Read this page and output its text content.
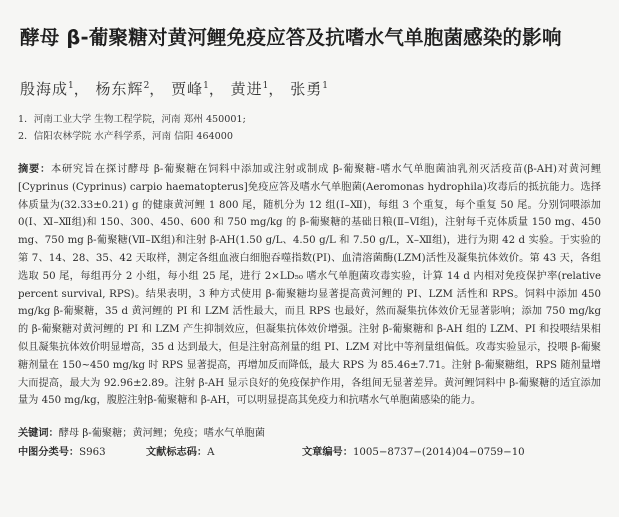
酵母 β-葡聚糖对黄河鲤免疫应答及抗嗜水气单胞菌感染的影响
殷海成$^1$， 杨东辉$^2$， 贾峰$^1$， 黄进$^1$， 张勇$^1$
1．河南工业大学 生物工程学院，河南 郑州 450001;
2．信阳农林学院 水产科学系，河南 信阳 464000

摘要：本研究旨在探讨酵母 β-葡聚糖在饲料中添加或注射或制成 β-葡聚糖-嗜水气单胞菌油乳剂灭活疫苗(β-AH)对黄河鲤[Cyprinus (Cyprinus) carpio haematopterus]免疫应答及嗜水气单胞菌(Aeromonas hydrophila)攻毒后的抵抗能力。选择体质量为(32.33±0.21) g 的健康黄河鲤 1 800 尾，随机分为 12 组(Ⅰ–Ⅻ)，每组 3 个重复，每个重复 50 尾。分别饲喂添加 0(Ⅰ、Ⅺ–Ⅻ组)和 150、300、450、600 和 750 mg/kg 的 β-葡聚糖的基础日粮(Ⅱ–Ⅵ组)，注射每千克体质量 150 mg、450 mg、750 mg β-葡聚糖(Ⅶ–Ⅸ组)和注射 β-AH(1.50 g/L、4.50 g/L 和 7.50 g/L，Ⅹ–Ⅻ组)，进行为期 42 d 实验。于实验的第 7、14、28、35、42 天取样，测定各组血液白细胞吞噬指数(PI)、血清溶菌酶(LZM)活性及凝集抗体效价。第 43 天，各组选取 50 尾，每组再分 2 小组，每小组 25 尾，进行 2×LD₅₀ 嗜水气单胞菌攻毒实验，计算 14 d 内相对免疫保护率(relative percent survival, RPS)。结果表明，3 种方式使用 β-葡聚糖均显著提高黄河鲤的 PI、LZM 活性和 RPS。饲料中添加 450 mg/kg β-葡聚糖，35 d 黄河鲤的 PI 和 LZM 活性最大，而且 RPS 也最好，然而凝集抗体效价无显著影响；添加 750 mg/kg 的 β-葡聚糖对黄河鲤的 PI 和 LZM 产生抑制效应，但凝集抗体效价增强。注射 β-葡聚糖和 β-AH 组的 LZM、PI 和投喂结果相似且凝集抗体效价明显增高，35 d 达到最大，但是注射高剂量的组 PI、LZM 对比中等剂量组偏低。攻毒实验显示，投喂 β-葡聚糖剂量在 150~450 mg/kg 时 RPS 显著提高，再增加反而降低，最大 RPS 为 85.46±7.71。注射 β-葡聚糖组，RPS 随剂量增大而提高，最大为 92.96±2.89。注射 β-AH 显示良好的免疫保护作用，各组间无显著差异。黄河鲤饲料中 β-葡聚糖的适宜添加量为 450 mg/kg，腹腔注射β-葡聚糖和 β-AH，可以明显提高其免疫力和抗嗜水气单胞菌感染的能力。

关键词：酵母 β-葡聚糖；黄河鲤；免疫；嗜水气单胞菌
中图分类号：S963	文献标志码：A	文章编号：1005−8737−(2014)04−0759−10
